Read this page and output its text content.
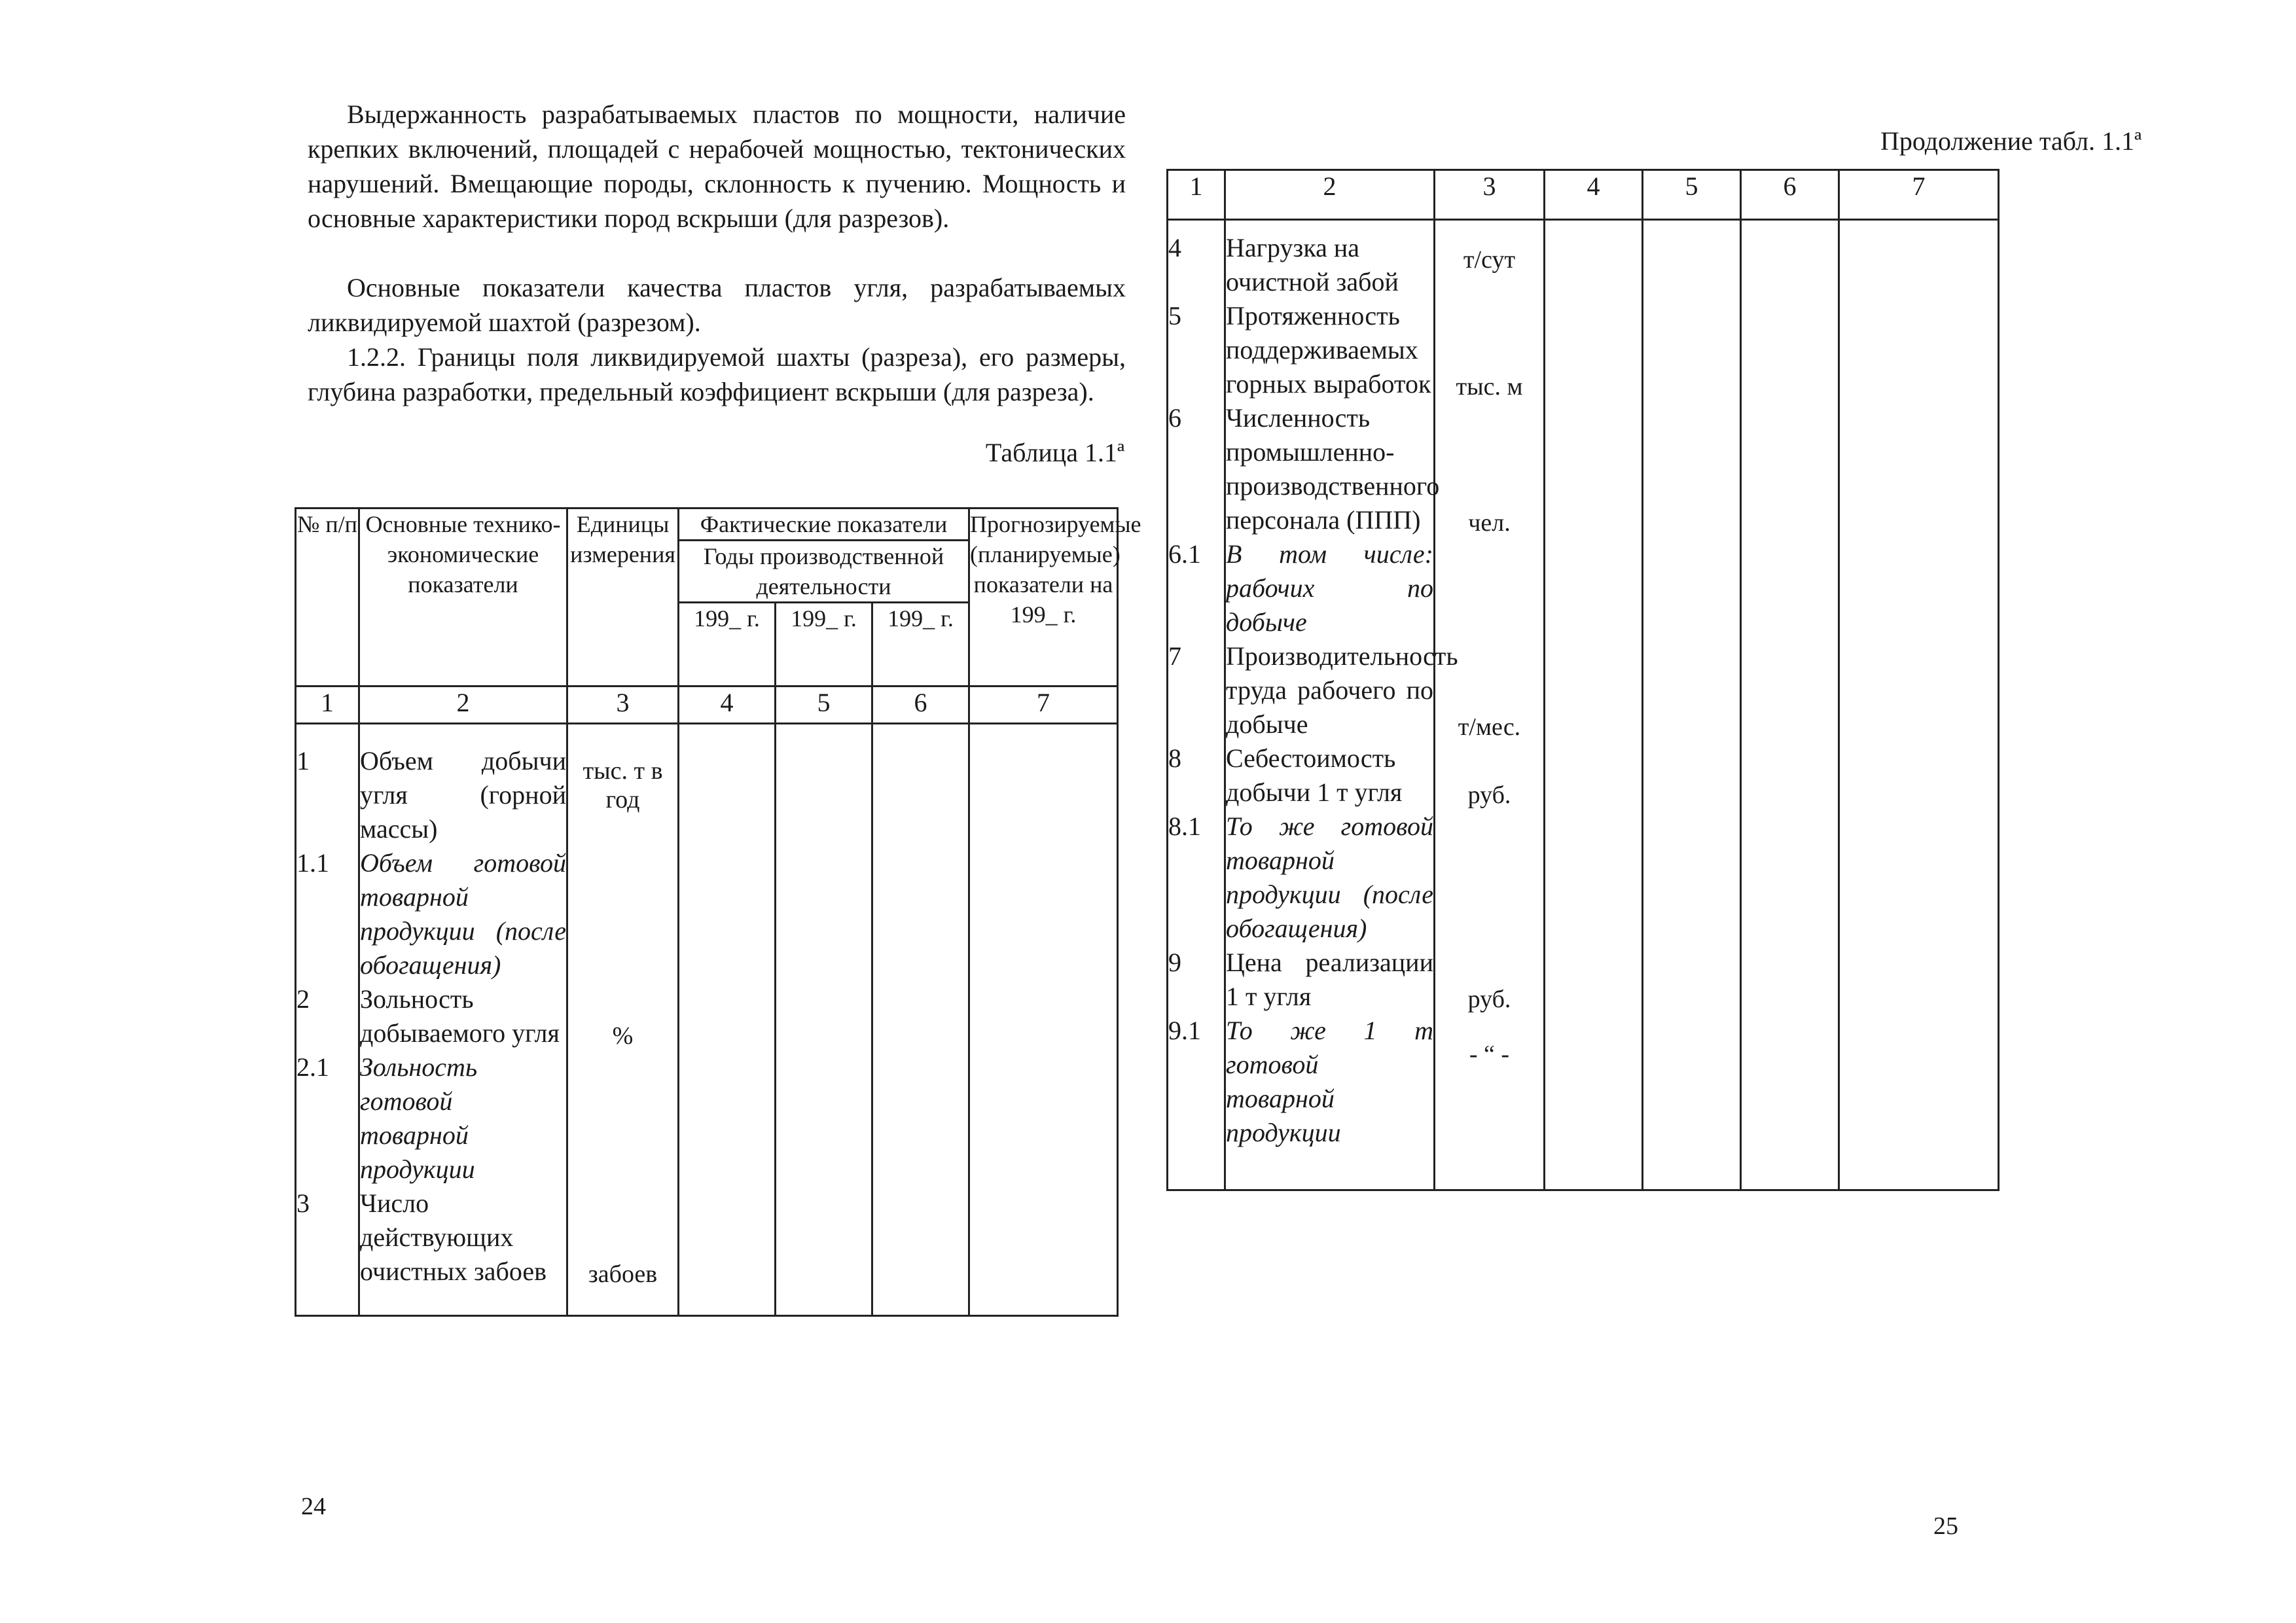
Выдержанность разрабатываемых пластов по мощности, наличие крепких включений, площадей с нерабочей мощностью, тектонических нарушений. Вмещающие породы, склонность к пучению. Мощность и основные характеристики пород вскрыши (для разрезов).

Основные показатели качества пластов угля, разрабатываемых ликвидируемой шахтой (разрезом).

1.2.2. Границы поля ликвидируемой шахты (разреза), его размеры, глубина разработки, предельный коэффициент вскрыши (для разреза).

Таблица 1.1ª

№ п/п	Основные технико-экономические показатели	Единицы измерения	Фактические показатели			Прогнозируемые (планируемые) показатели на 199_ г.
			Годы производственной деятельности			
			199_ г.	199_ г.	199_ г.	
1	2	3	4	5	6	7
1	Объем добычи угля (горной массы)	тыс. т в год				
1.1	Объем готовой товарной продукции (после обогащения)					
2	Зольность добываемого угля	%				
2.1	Зольность готовой товарной продукции					
3	Число действующих очистных забоев	забоев				
24

Продолжение табл. 1.1ª

1	2	3	4	5	6	7
4	Нагрузка на очистной забой	т/сут				
5	Протяженность поддерживаемых горных выработок	тыс. м				
6	Численность промышленно-производственного персонала (ППП)	чел.				
6.1	В том числе: рабочих по добыче					
7	Производительность труда рабочего по добыче	т/мес.				
8	Себестоимость добычи 1 т угля	руб.				
8.1	То же готовой товарной продукции (после обогащения)					
9	Цена реализации 1 т угля	руб.				
9.1	То же 1 т готовой товарной продукции	- “ -				

25
